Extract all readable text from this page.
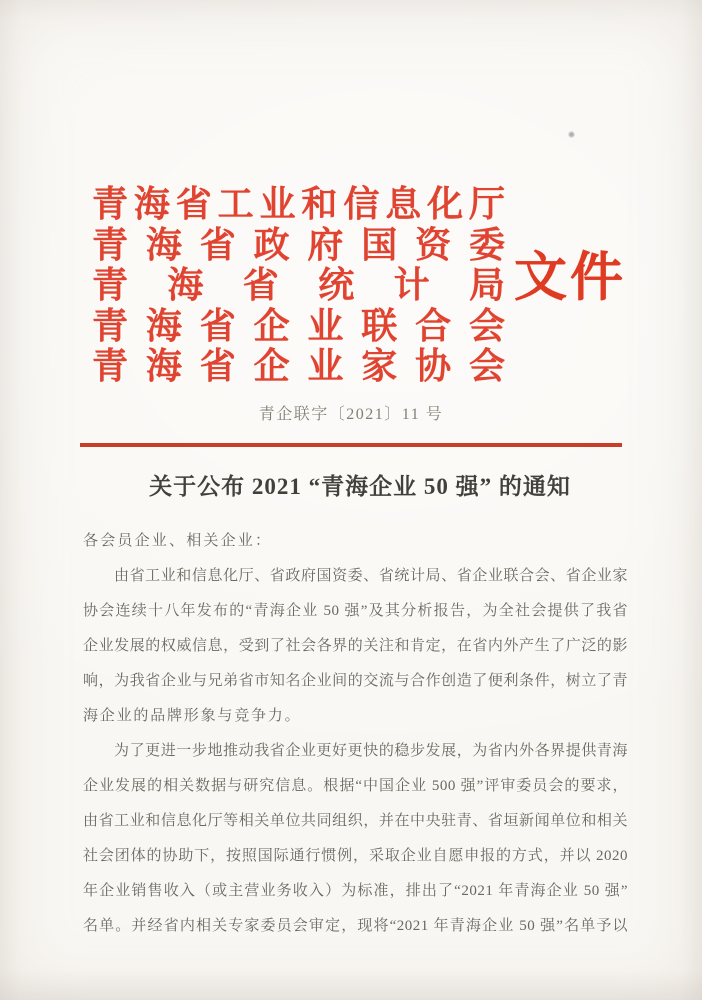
青海省工业和信息化厅
青海省政府国资委
青海省统计局
青海省企业联合会
青海省企业家协会
文件
青企联字〔2021〕11 号
关于公布 2021 “青海企业 50 强” 的通知
各会员企业、相关企业：
由省工业和信息化厅、省政府国资委、省统计局、省企业联合会、省企业家
协会连续十八年发布的“青海企业 50 强”及其分析报告，为全社会提供了我省
企业发展的权威信息，受到了社会各界的关注和肯定，在省内外产生了广泛的影
响，为我省企业与兄弟省市知名企业间的交流与合作创造了便利条件，树立了青
海企业的品牌形象与竞争力。
为了更进一步地推动我省企业更好更快的稳步发展，为省内外各界提供青海
企业发展的相关数据与研究信息。根据“中国企业 500 强”评审委员会的要求，
由省工业和信息化厅等相关单位共同组织，并在中央驻青、省垣新闻单位和相关
社会团体的协助下，按照国际通行惯例，采取企业自愿申报的方式，并以 2020
年企业销售收入（或主营业务收入）为标准，排出了“2021 年青海企业 50 强”
名单。并经省内相关专家委员会审定，现将“2021 年青海企业 50 强”名单予以
